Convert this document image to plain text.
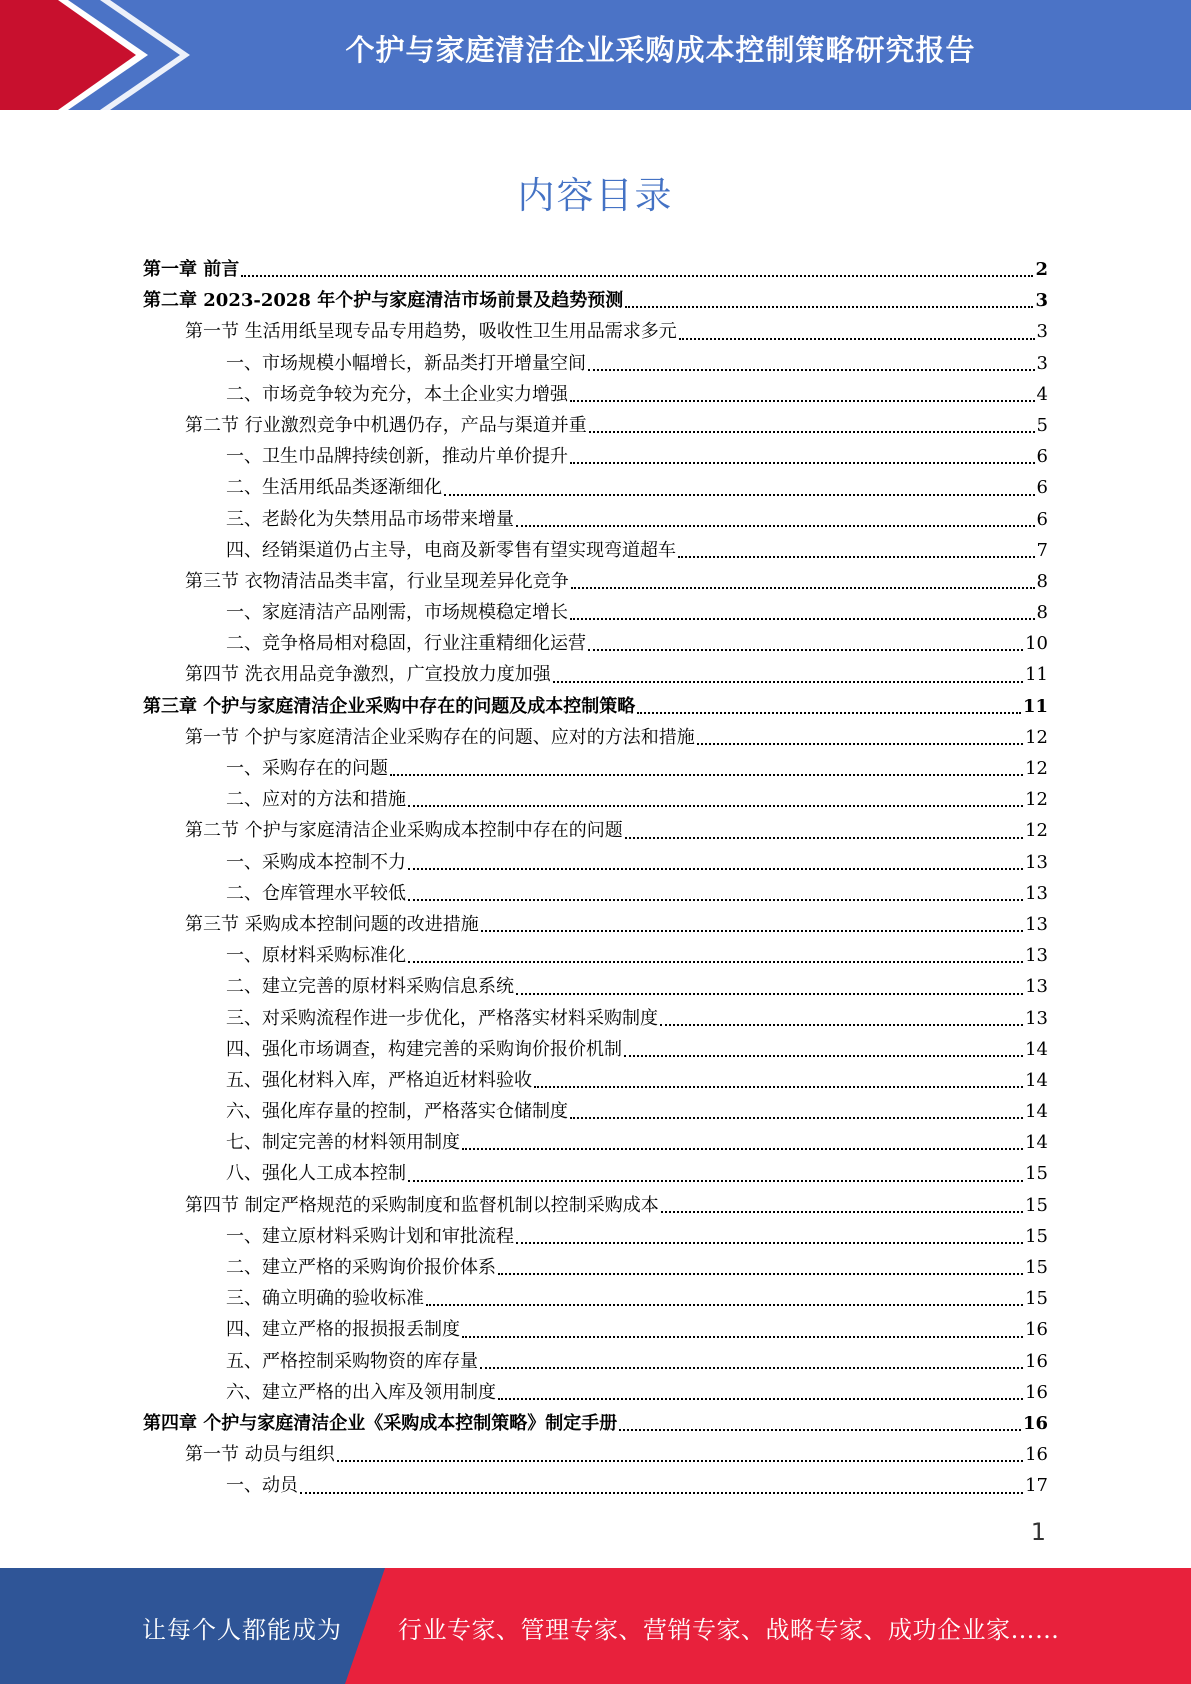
个护与家庭清洁企业采购成本控制策略研究报告
内容目录
第一章 前言	2
第二章 2023-2028 年个护与家庭清洁市场前景及趋势预测	3
第一节 生活用纸呈现专品专用趋势，吸收性卫生用品需求多元	3
一、市场规模小幅增长，新品类打开增量空间	3
二、市场竞争较为充分，本土企业实力增强	4
第二节 行业激烈竞争中机遇仍存，产品与渠道并重	5
一、卫生巾品牌持续创新，推动片单价提升	6
二、生活用纸品类逐渐细化	6
三、老龄化为失禁用品市场带来增量	6
四、经销渠道仍占主导，电商及新零售有望实现弯道超车	7
第三节 衣物清洁品类丰富，行业呈现差异化竞争	8
一、家庭清洁产品刚需，市场规模稳定增长	8
二、竞争格局相对稳固，行业注重精细化运营	10
第四节 洗衣用品竞争激烈，广宣投放力度加强	11
第三章 个护与家庭清洁企业采购中存在的问题及成本控制策略	11
第一节 个护与家庭清洁企业采购存在的问题、应对的方法和措施	12
一、采购存在的问题	12
二、应对的方法和措施	12
第二节 个护与家庭清洁企业采购成本控制中存在的问题	12
一、采购成本控制不力	13
二、仓库管理水平较低	13
第三节 采购成本控制问题的改进措施	13
一、原材料采购标准化	13
二、建立完善的原材料采购信息系统	13
三、对采购流程作进一步优化，严格落实材料采购制度	13
四、强化市场调查，构建完善的采购询价报价机制	14
五、强化材料入库，严格迫近材料验收	14
六、强化库存量的控制，严格落实仓储制度	14
七、制定完善的材料领用制度	14
八、强化人工成本控制	15
第四节 制定严格规范的采购制度和监督机制以控制采购成本	15
一、建立原材料采购计划和审批流程	15
二、建立严格的采购询价报价体系	15
三、确立明确的验收标准	15
四、建立严格的报损报丢制度	16
五、严格控制采购物资的库存量	16
六、建立严格的出入库及领用制度	16
第四章 个护与家庭清洁企业《采购成本控制策略》制定手册	16
第一节 动员与组织	16
一、动员	17
1
让每个人都能成为 行业专家、管理专家、营销专家、战略专家、成功企业家……
